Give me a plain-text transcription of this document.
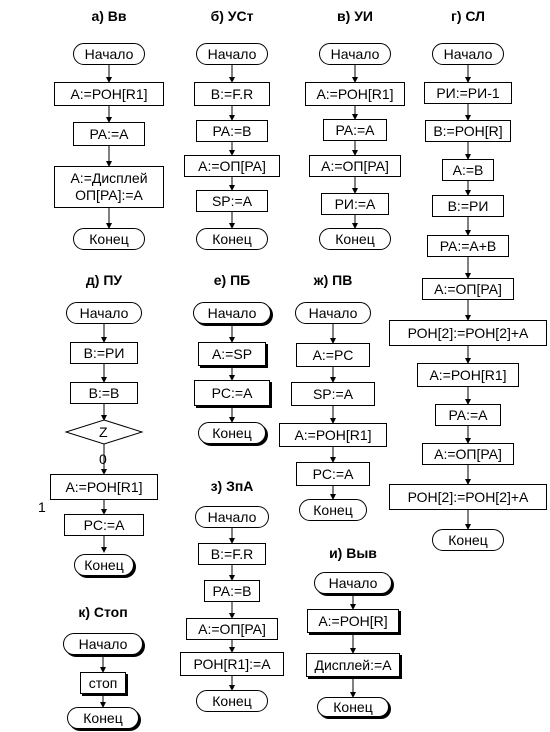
а) Вв
Начало
A:=РОН[R1]
PA:=A
A:=Дисплей
ОП[PA]:=A
Конец
б) УСт
Начало
B:=F.R
PA:=B
A:=ОП[PA]
SP:=A
Конец
в) УИ
Начало
A:=РОН[R1]
PA:=A
A:=ОП[PA]
РИ:=A
Конец
г) СЛ
Начало
РИ:=РИ-1
B:=РОН[R]
A:=B
B:=РИ
PA:=A+B
A:=ОП[PA]
РОН[2]:=РОН[2]+A
A:=РОН[R1]
PA:=A
A:=ОП[PA]
РОН[2]:=РОН[2]+A
Конец
д) ПУ
Начало
B:=РИ
B:=B
Z
0
1
A:=РОН[R1]
PC:=A
Конец
е) ПБ
Начало
A:=SP
PC:=A
Конец
ж) ПВ
Начало
A:=PC
SP:=A
A:=РОН[R1]
PC:=A
Конец
з) ЗпА
Начало
B:=F.R
PA:=B
A:=ОП[PA]
РОН[R1]:=A
Конец
и) Выв
Начало
A:=РОН[R]
Дисплей:=A
Конец
к) Стоп
Начало
стоп
Конец
